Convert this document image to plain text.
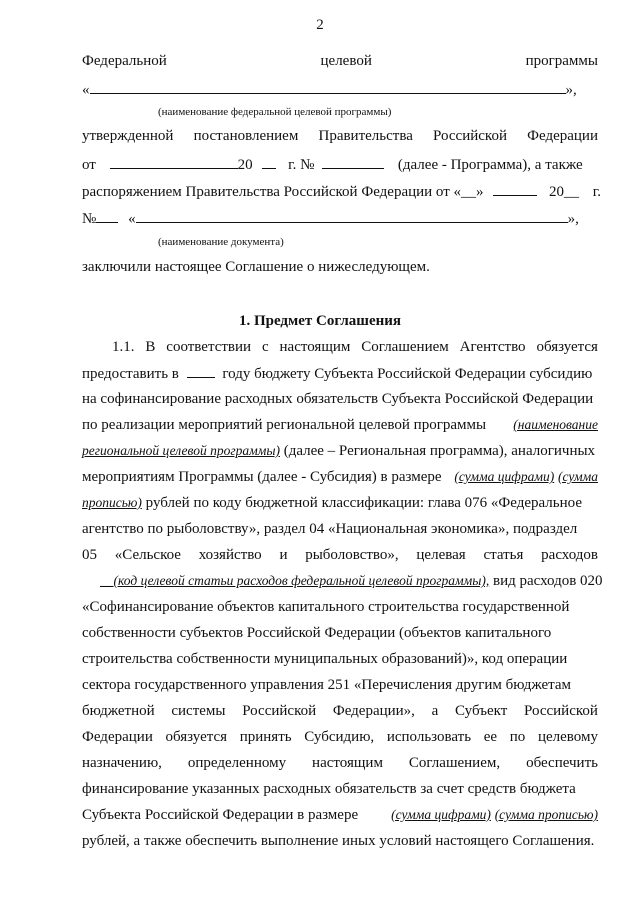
2
Федеральной	целевой	программы
«	»,
(наименование федеральной целевой программы)
утвержденной постановлением Правительства Российской Федерации
от	20 г. №	(далее - Программа), а также
распоряжением Правительства Российской Федерации от «__»	20__ г.
№ «	»,
(наименование документа)
заключили настоящее Соглашение о нижеследующем.
1. Предмет Соглашения
1.1. В соответствии с настоящим Соглашением Агентство обязуется
предоставить в	году бюджету Субъекта Российской Федерации субсидию
на софинансирование расходных обязательств Субъекта Российской Федерации
по реализации мероприятий региональной целевой программы (наименование
региональной целевой программы) (далее – Региональная программа), аналогичных
мероприятиям Программы (далее - Субсидия) в размере (сумма цифрами) (сумма
прописью) рублей по коду бюджетной классификации: глава 076 «Федеральное
агентство по рыболовству», раздел 04 «Национальная экономика», подраздел
05 «Сельское хозяйство и рыболовство», целевая статья расходов
__(код целевой статьи расходов федеральной целевой программы), вид расходов 020
«Софинансирование объектов капитального строительства государственной
собственности субъектов Российской Федерации (объектов капитального
строительства собственности муниципальных образований)», код операции
сектора государственного управления 251 «Перечисления другим бюджетам
бюджетной системы Российской Федерации», а Субъект Российской
Федерации обязуется принять Субсидию, использовать ее по целевому
назначению, определенному настоящим Соглашением, обеспечить
финансирование указанных расходных обязательств за счет средств бюджета
Субъекта Российской Федерации в размере (сумма цифрами) (сумма прописью)
рублей, а также обеспечить выполнение иных условий настоящего Соглашения.
